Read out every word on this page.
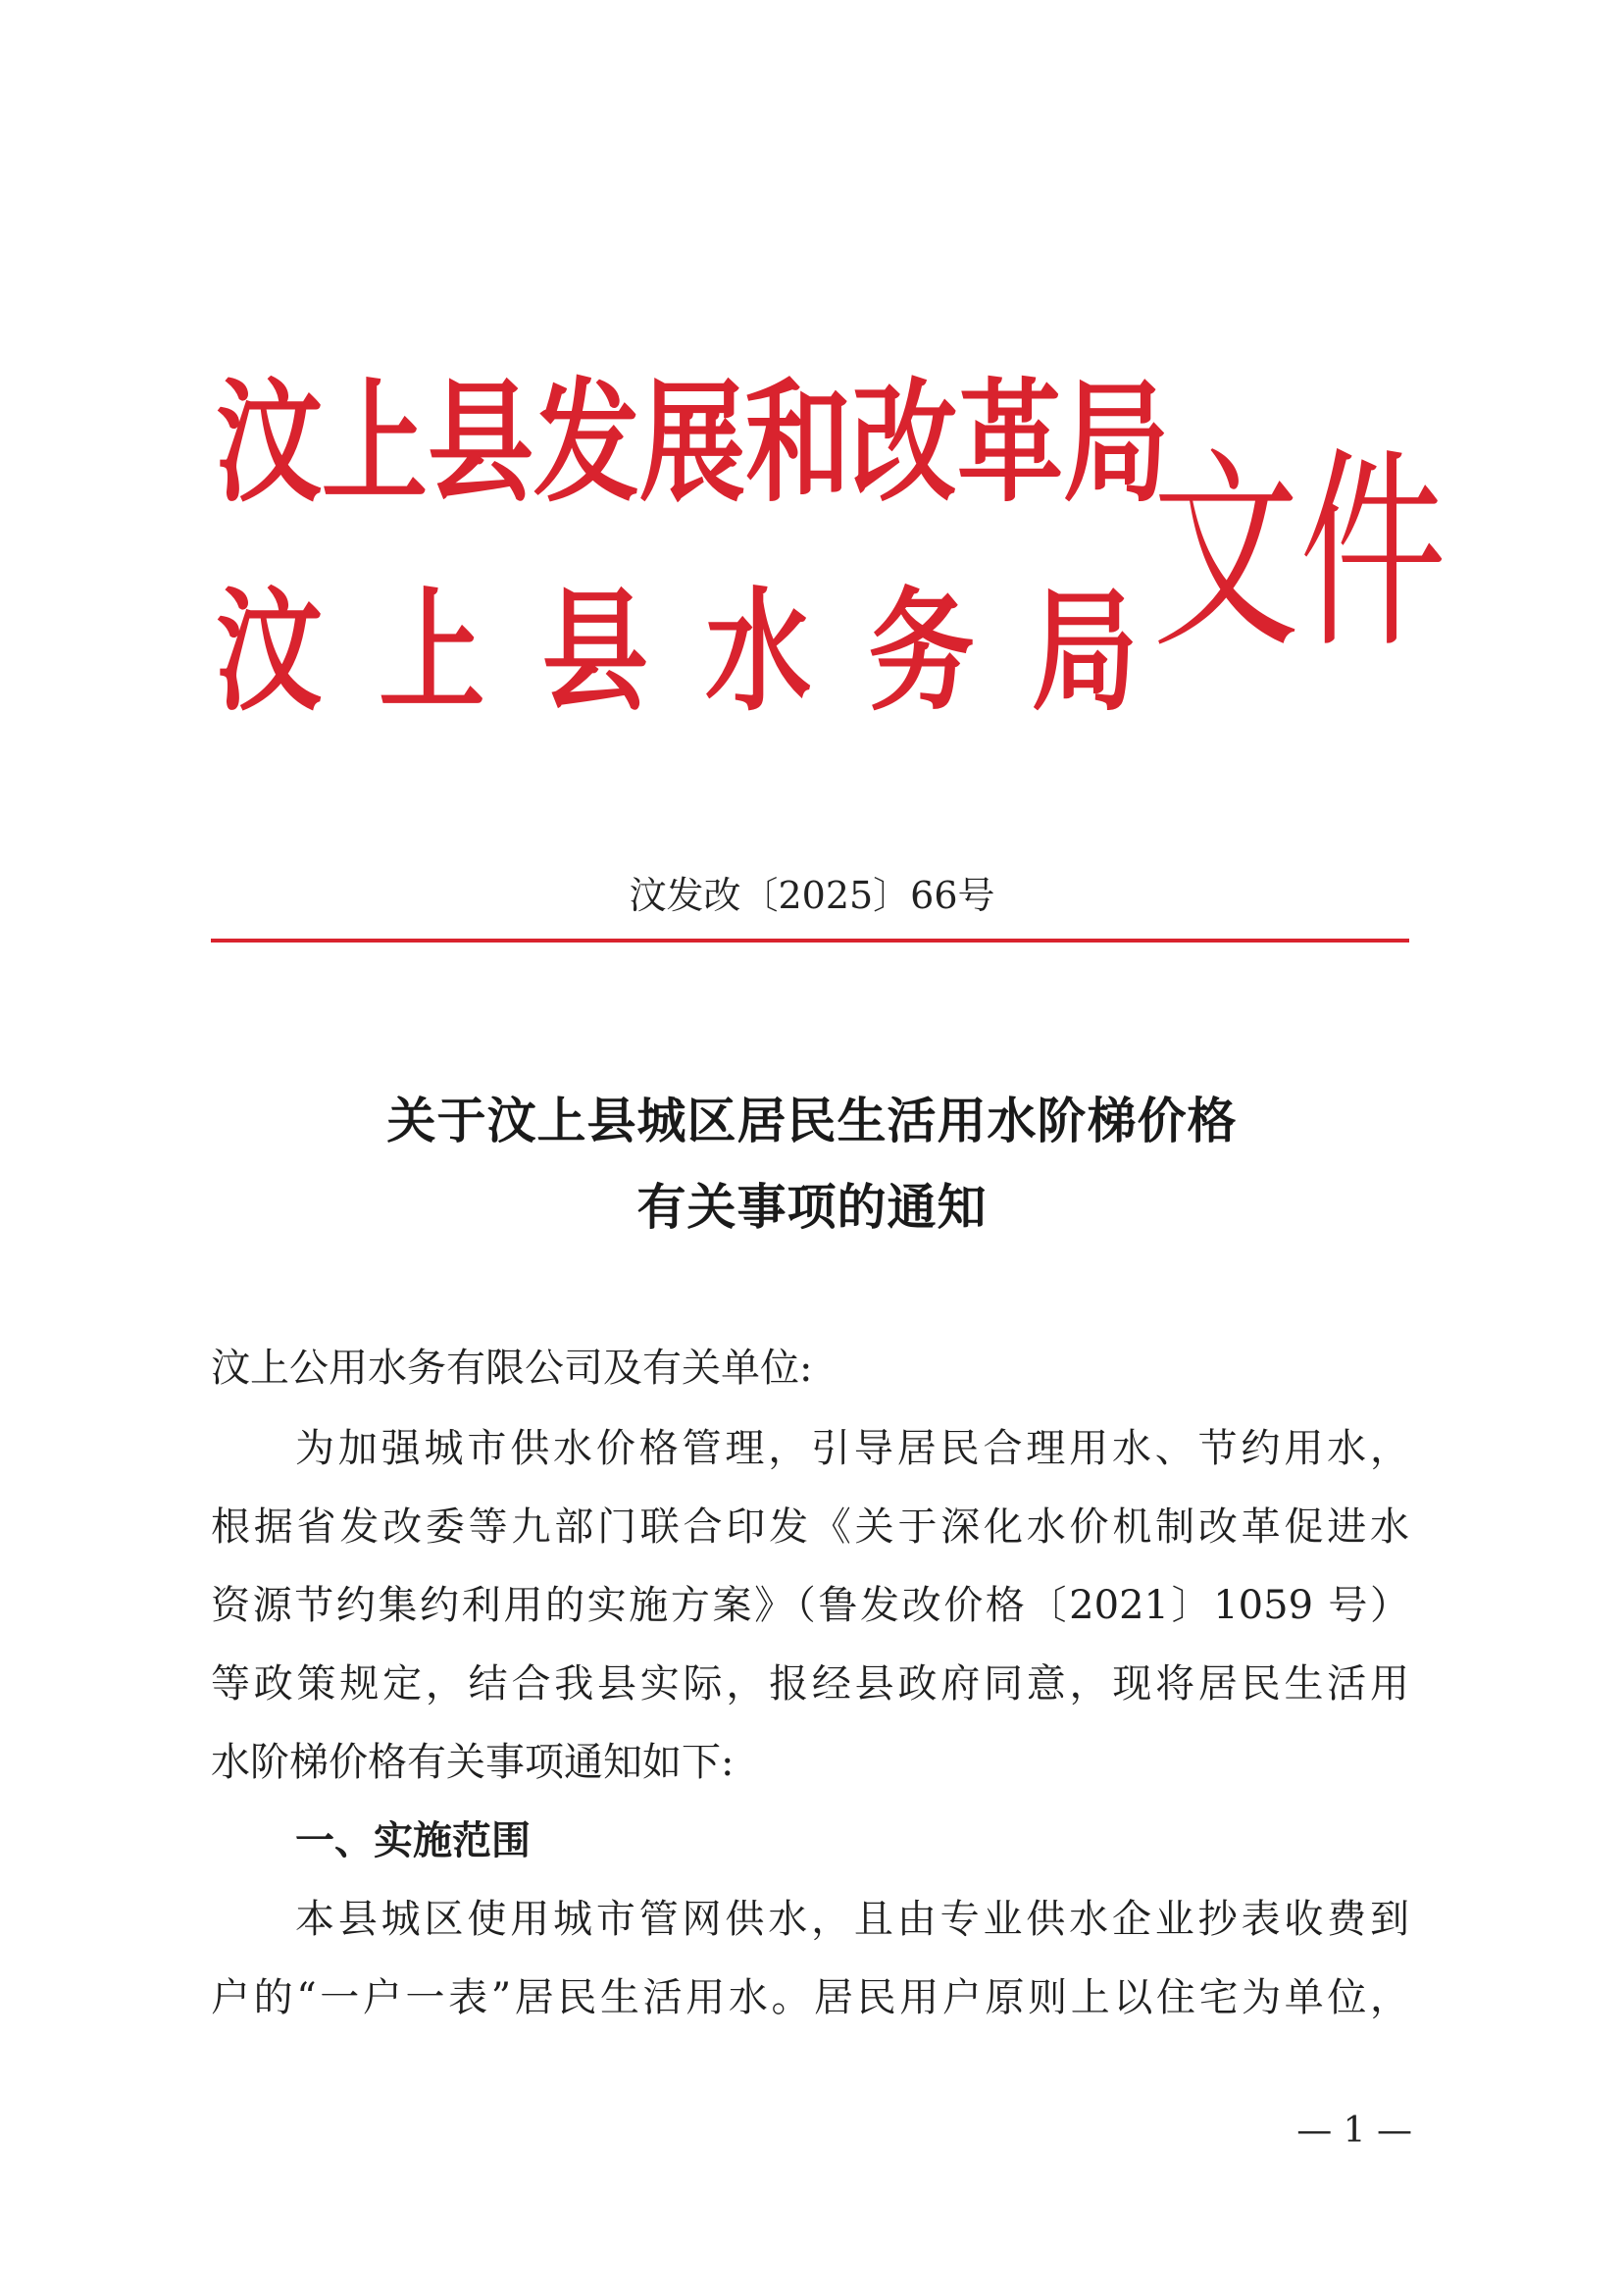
汶上县发展和改革局
汶 上 县 水 务 局 文件
汶发改〔2025〕66号
关于汶上县城区居民生活用水阶梯价格
有关事项的通知
汶上公用水务有限公司及有关单位:
为加强城市供水价格管理，引导居民合理用水、节约用水，
根据省发改委等九部门联合印发《关于深化水价机制改革促进水
资源节约集约利用的实施方案》（鲁发改价格〔2021〕1059 号）
等政策规定，结合我县实际，报经县政府同意，现将居民生活用
水阶梯价格有关事项通知如下:
一、实施范围
本县城区使用城市管网供水，且由专业供水企业抄表收费到
户的“一户一表”居民生活用水。居民用户原则上以住宅为单位，
— 1 —
